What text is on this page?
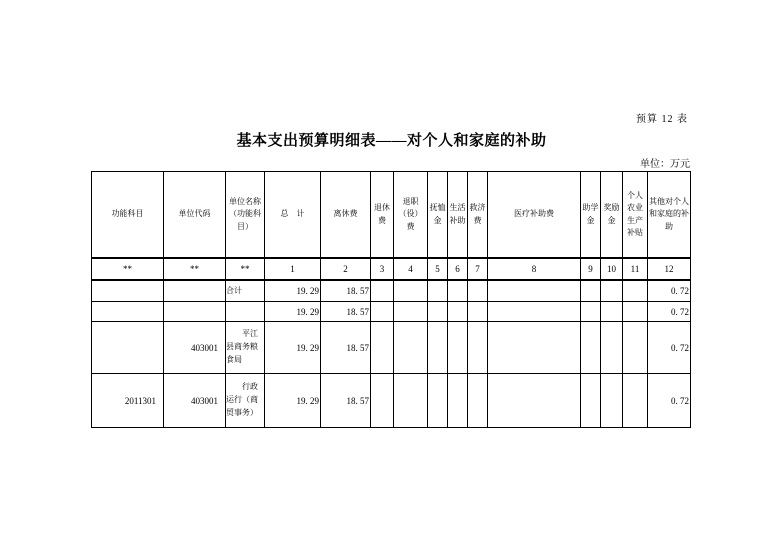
预算 12 表
基本支出预算明细表——对个人和家庭的补助
单位：万元
功能科目	单位代码	单位名称（功能科目）	总　计	离休费	退休费	退职（役）费	抚恤金	生活补助	救济费	医疗补助费	助学金	奖励金	个人农业生产补贴	其他对个人和家庭的补助
**	**	**	1	2	3	4	5	6	7	8	9	10	11	12
		合计	19. 29	18. 57										0. 72
			19. 29	18. 57										0. 72
	403001	　　平江县商务粮食局	19. 29	18. 57										0. 72
2011301	403001	　　行政运行（商贸事务）	19. 29	18. 57										0. 72
